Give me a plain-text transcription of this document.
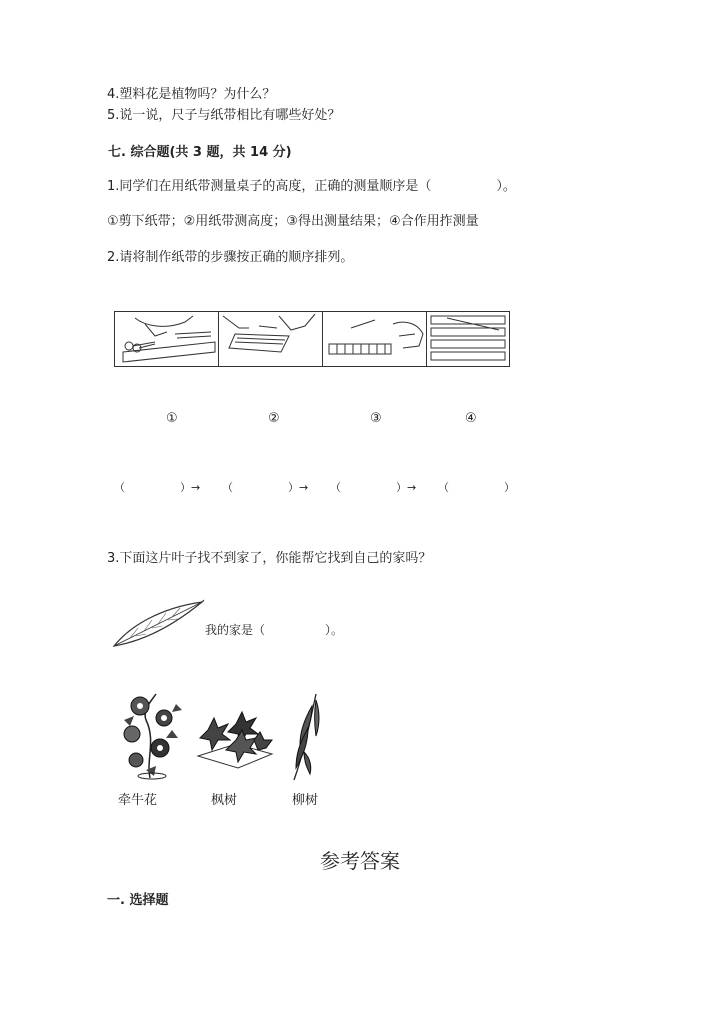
4.塑料花是植物吗？为什么？
5.说一说，尺子与纸带相比有哪些好处？
七. 综合题(共 3 题，共 14 分)
1.同学们在用纸带测量桌子的高度，正确的测量顺序是（　　　　　）。
①剪下纸带；②用纸带测高度；③得出测量结果；④合作用拃测量
2.请将制作纸带的步骤按正确的顺序排列。
①	②	③	④
（　　　　　）→ （　　　　　）→ （　　　　　）→ （　　　　　）
3.下面这片叶子找不到家了，你能帮它找到自己的家吗？
我的家是（　　　　　）。
牵牛花	枫树	柳树
参考答案
一. 选择题
